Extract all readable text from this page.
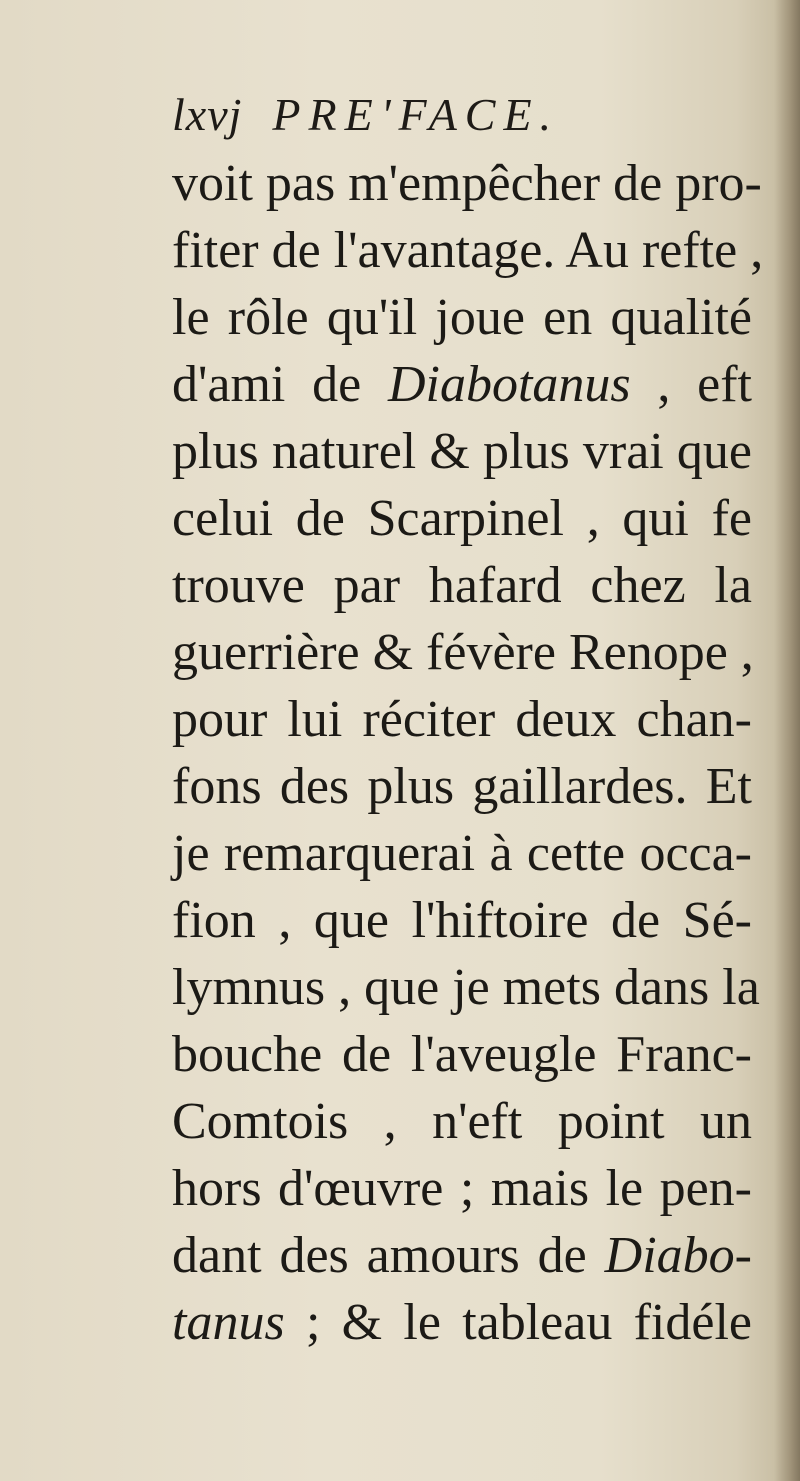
lxvj PRE'FACE.
voit pas m'empêcher de pro-
fiter de l'avantage. Au refte ,
le rôle qu'il joue en qualité
d'ami de Diabotanus , eft
plus naturel & plus vrai que
celui de Scarpinel , qui fe
trouve par hafard chez la
guerrière & févère Renope ,
pour lui réciter deux chan-
fons des plus gaillardes. Et
je remarquerai à cette occa-
fion , que l'hiftoire de Sé-
lymnus , que je mets dans la
bouche de l'aveugle Franc-
Comtois , n'eft point un
hors d'œuvre ; mais le pen-
dant des amours de Diabo-
tanus ; & le tableau fidéle
